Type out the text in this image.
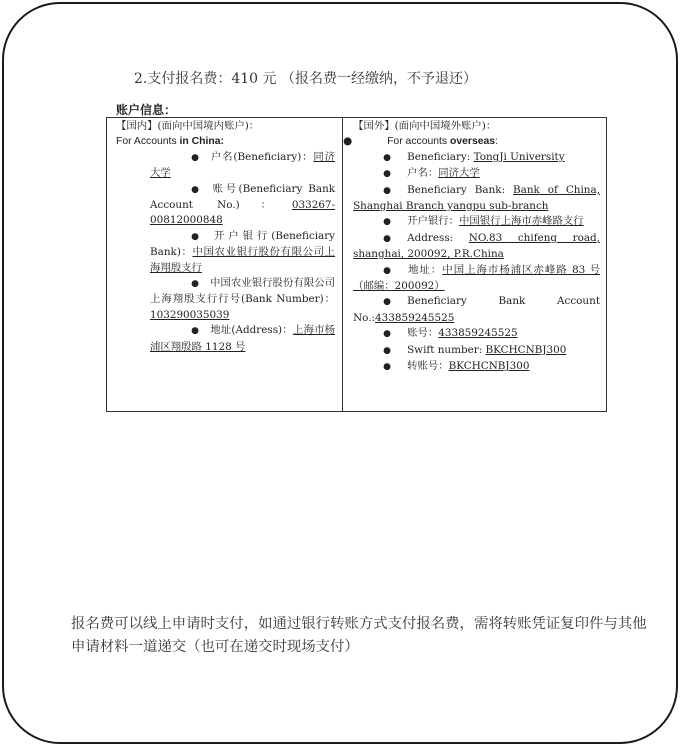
2.支付报名费：410 元 （报名费一经缴纳，不予退还）
账户信息：
【国内】(面向中国境内账户)：
For Accounts in China:
● 户名(Beneficiary)：同济大学
● 账号(Beneficiary Bank Account No.)：033267-00812000848
● 开户银行(Beneficiary Bank)：中国农业银行股份有限公司上海翔殷支行
● 中国农业银行股份有限公司上海翔殷支行行号(Bank Number)：103290035039
● 地址(Address)：上海市杨浦区翔殷路 1128 号
【国外】(面向中国境外账户)：
●	For accounts overseas:
● Beneficiary: TongJi University
● 户名：同济大学
● Beneficiary Bank: Bank of China, Shanghai Branch yangpu sub-branch
● 开户银行：中国银行上海市赤峰路支行
● Address: NO.83 chifeng road, shanghai, 200092, P.R.China
● 地址：中国上海市杨浦区赤峰路 83 号（邮编：200092）
● Beneficiary Bank Account No.:433859245525
● 账号：433859245525
● Swift number: BKCHCNBJ300
● 转账号：BKCHCNBJ300
报名费可以线上申请时支付，如通过银行转账方式支付报名费，需将转账凭证复印件与其他申请材料一道递交（也可在递交时现场支付）
